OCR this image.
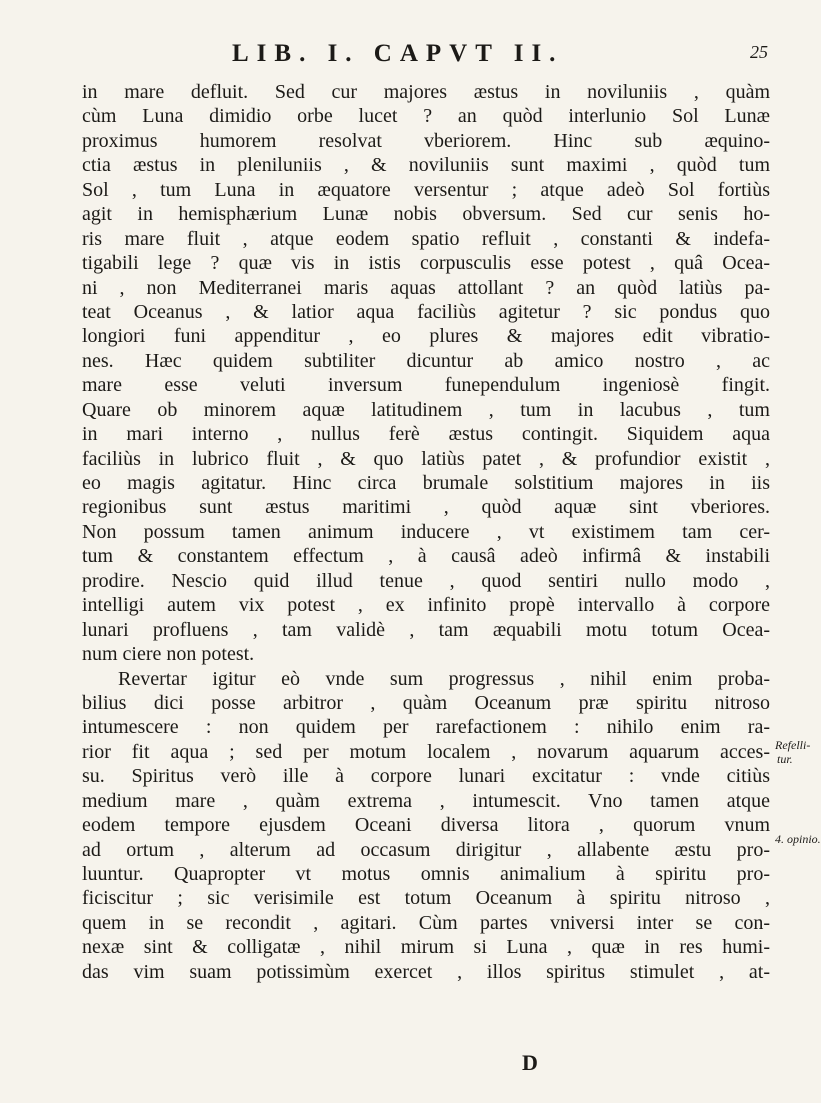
LIB. I. CAPVT II.	25
in mare defluit. Sed cur majores æstus in noviluniis , quàm
cùm Luna dimidio orbe lucet ? an quòd interlunio Sol Lunæ
proximus humorem resolvat vberiorem. Hinc sub æquino-
ctia æstus in pleniluniis , & noviluniis sunt maximi , quòd tum
Sol , tum Luna in æquatore versentur ; atque adeò Sol fortiùs
agit in hemisphærium Lunæ nobis obversum. Sed cur senis ho-
ris mare fluit , atque eodem spatio refluit , constanti & indefa-
tigabili lege ? quæ vis in istis corpusculis esse potest , quâ Ocea-
ni , non Mediterranei maris aquas attollant ? an quòd latiùs pa-
teat Oceanus , & latior aqua faciliùs agitetur ? sic pondus quo
longiori funi appenditur , eo plures & majores edit vibratio-
nes. Hæc quidem subtiliter dicuntur ab amico nostro , ac
mare esse veluti inversum funependulum ingeniosè fingit.
Quare ob minorem aquæ latitudinem , tum in lacubus , tum
in mari interno , nullus ferè æstus contingit. Siquidem aqua
faciliùs in lubrico fluit , & quo latiùs patet , & profundior existit ,
eo magis agitatur. Hinc circa brumale solstitium majores in iis
regionibus sunt æstus maritimi , quòd aquæ sint vberiores.
Non possum tamen animum inducere , vt existimem tam cer-
tum & constantem effectum , à causâ adeò infirmâ & instabili
prodire. Nescio quid illud tenue , quod sentiri nullo modo ,
intelligi autem vix potest , ex infinito propè intervallo à corpore
lunari profluens , tam validè , tam æquabili motu totum Ocea-
num ciere non potest.
Revertar igitur eò vnde sum progressus , nihil enim proba-
bilius dici posse arbitror , quàm Oceanum præ spiritu nitroso
intumescere : non quidem per rarefactionem : nihilo enim ra-
rior fit aqua ; sed per motum localem , novarum aquarum acces-
su. Spiritus verò ille à corpore lunari excitatur : vnde citiùs
medium mare , quàm extrema , intumescit. Vno tamen atque
eodem tempore ejusdem Oceani diversa litora , quorum vnum
ad ortum , alterum ad occasum dirigitur , allabente æstu pro-
luuntur. Quapropter vt motus omnis animalium à spiritu pro-
ficiscitur ; sic verisimile est totum Oceanum à spiritu nitroso ,
quem in se recondit , agitari. Cùm partes vniversi inter se con-
nexæ sint & colligatæ , nihil mirum si Luna , quæ in res humi-
das vim suam potissimùm exercet , illos spiritus stimulet , at-
Refelli-
tur.
4. opinio.
D
